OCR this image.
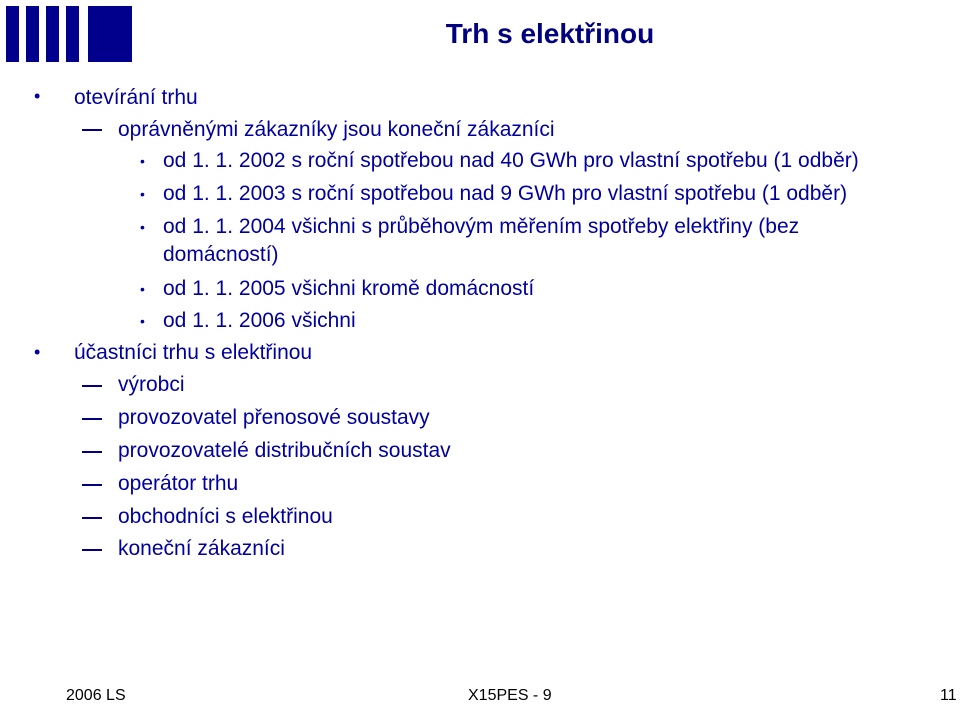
Trh s elektřinou
• otevírání trhu
oprávněnými zákazníky jsou koneční zákazníci
• od 1. 1. 2002 s roční spotřebou nad 40 GWh pro vlastní spotřebu (1 odběr)
• od 1. 1. 2003 s roční spotřebou nad 9 GWh pro vlastní spotřebu (1 odběr)
• od 1. 1. 2004 všichni s průběhovým měřením spotřeby elektřiny (bez
domácností)
• od 1. 1. 2005 všichni kromě domácností
• od 1. 1. 2006 všichni
• účastníci trhu s elektřinou
výrobci
provozovatel přenosové soustavy
provozovatelé distribučních soustav
operátor trhu
obchodníci s elektřinou
koneční zákazníci
2006 LS	X15PES - 9	11
